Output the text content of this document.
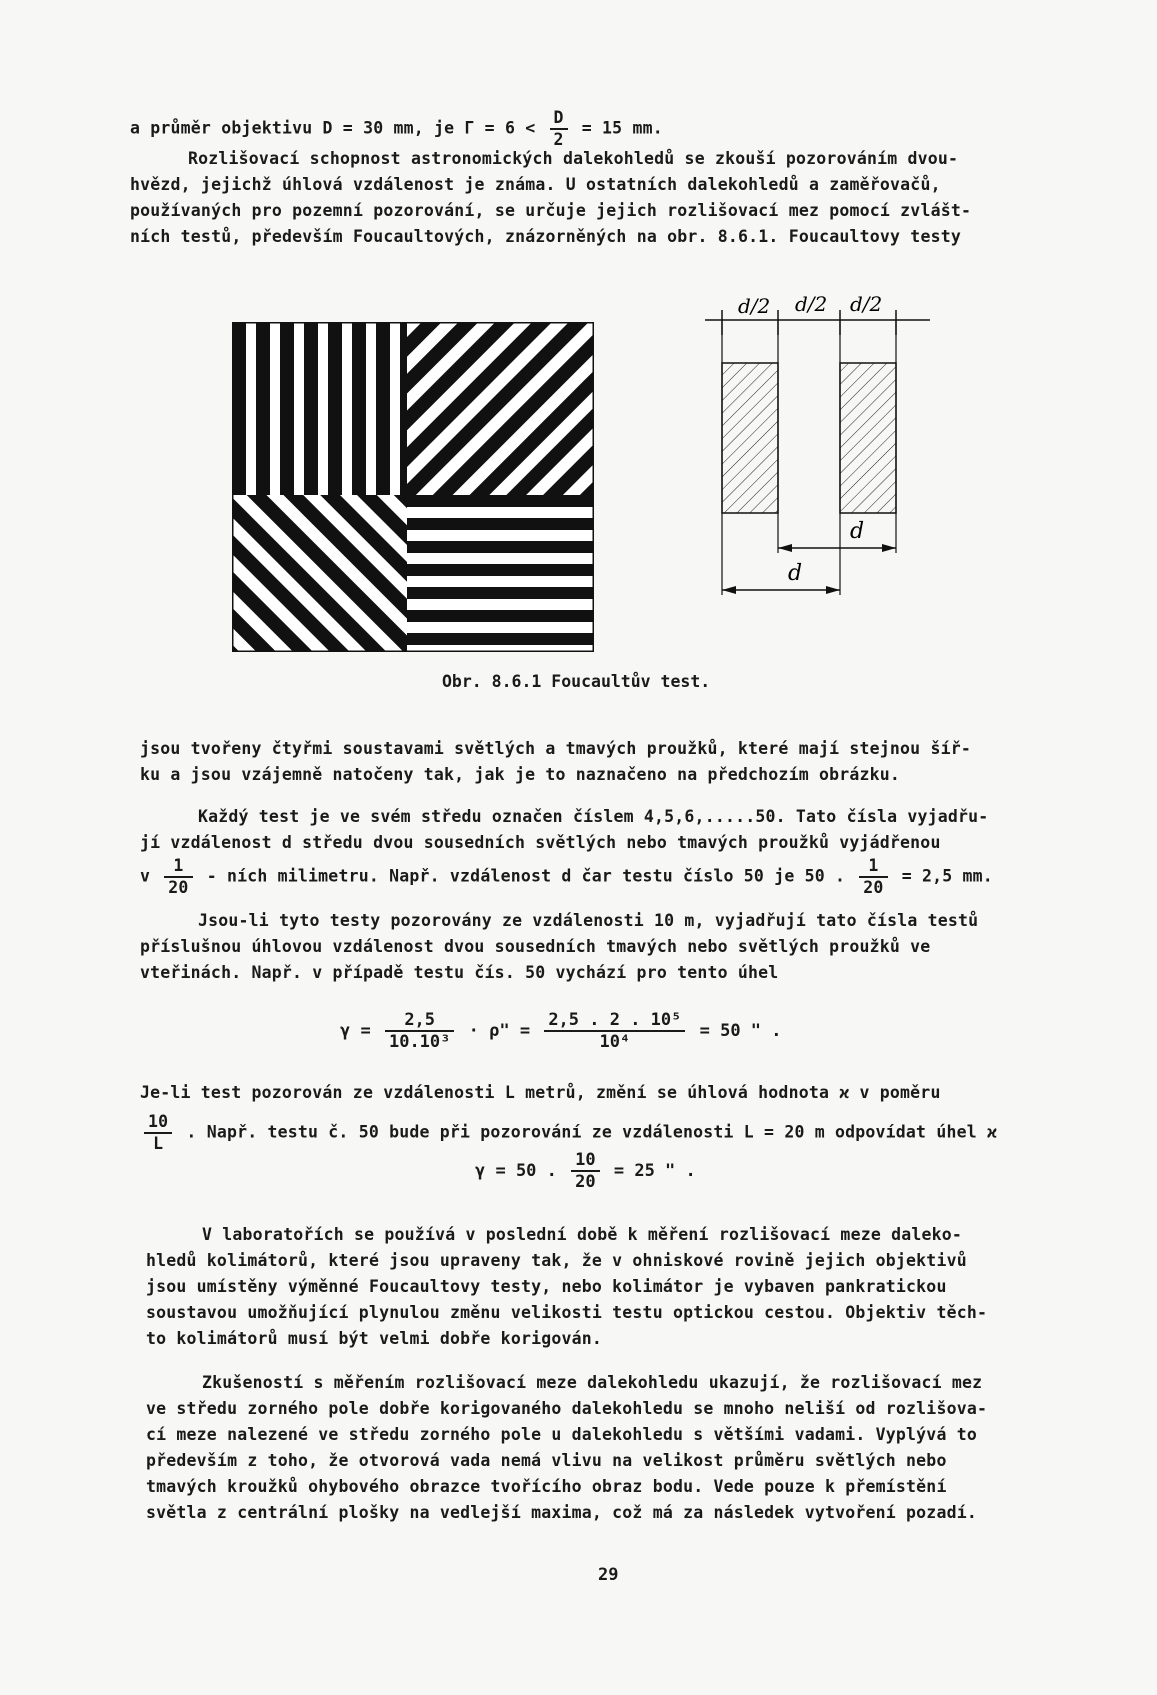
a průměr objektivu D = 30 mm, je $\Gamma = 6 < \frac{D}{2} = 15$ mm.
Rozlišovací schopnost astronomických dalekohledů se zkouší pozorováním dvou-
hvězd, jejichž úhlová vzdálenost je známa. U ostatních dalekohledů a zaměřovačů,
používaných pro pozemní pozorování, se určuje jejich rozlišovací mez pomocí zvlášt-
ních testů, především Foucaultových, znázorněných na obr. 8.6.1. Foucaultovy testy
d/2 d/2 d/2
d
d
Obr. 8.6.1 Foucaultův test.
jsou tvořeny čtyřmi soustavami světlých a tmavých proužků, které mají stejnou šíř-
ku a jsou vzájemně natočeny tak, jak je to naznačeno na předchozím obrázku.
Každý test je ve svém středu označen číslem 4,5,6,.....50. Tato čísla vyjadřu-
jí vzdálenost d středu dvou sousedních světlých nebo tmavých proužků vyjádřenou
v $\frac{1}{20}$ - ních milimetru. Např. vzdálenost d čar testu číslo 50 je 50 . $\frac{1}{20} = 2,5$ mm.
Jsou-li tyto testy pozorovány ze vzdálenosti 10 m, vyjadřují tato čísla testů
příslušnou úhlovou vzdálenost dvou sousedních tmavých nebo světlých proužků ve
vteřinách. Např. v případě testu čís. 50 vychází pro tento úhel
$\gamma = \frac{2,5}{\text{10.10³}} \cdot \rho$" = $\frac{\text{2,5 . 2 . 10⁵}}{\text{10⁴}} = 50$ " .
Je-li test pozorován ze vzdálenosti L metrů, změní se úhlová hodnota ϰ v poměru
$\frac{10}{L}$ . Např. testu č. 50 bude při pozorování ze vzdálenosti L = 20 m odpovídat úhel ϰ
γ = 50 . $\frac{10}{20} = 25$ " .
V laboratořích se používá v poslední době k měření rozlišovací meze daleko-
hledů kolimátorů, které jsou upraveny tak, že v ohniskové rovině jejich objektivů
jsou umístěny výměnné Foucaultovy testy, nebo kolimátor je vybaven pankratickou
soustavou umožňující plynulou změnu velikosti testu optickou cestou. Objektiv těch-
to kolimátorů musí být velmi dobře korigován.
Zkušeností s měřením rozlišovací meze dalekohledu ukazují, že rozlišovací mez
ve středu zorného pole dobře korigovaného dalekohledu se mnoho neliší od rozlišova-
cí meze nalezené ve středu zorného pole u dalekohledu s většími vadami. Vyplývá to
především z toho, že otvorová vada nemá vlivu na velikost průměru světlých nebo
tmavých kroužků ohybového obrazce tvořícího obraz bodu. Vede pouze k přemístění
světla z centrální plošky na vedlejší maxima, což má za následek vytvoření pozadí.
29
